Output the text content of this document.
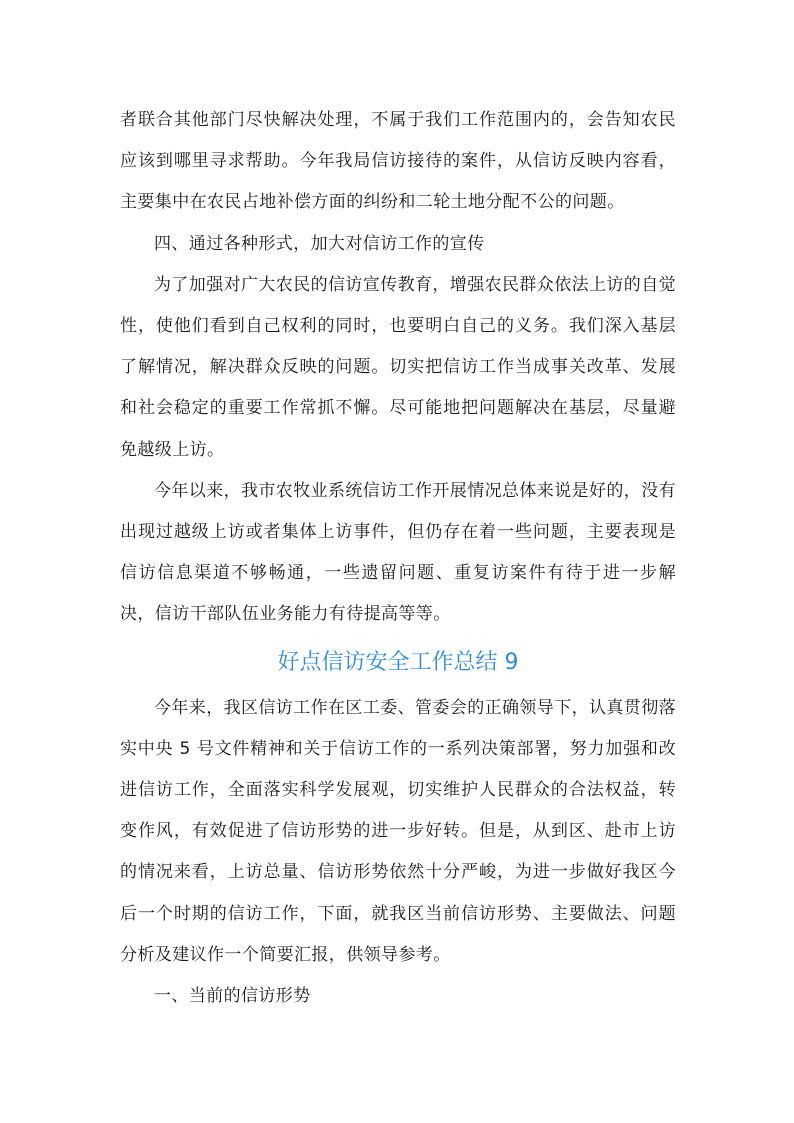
者联合其他部门尽快解决处理，不属于我们工作范围内的，会告知农民应该到哪里寻求帮助。今年我局信访接待的案件，从信访反映内容看，主要集中在农民占地补偿方面的纠纷和二轮土地分配不公的问题。

四、通过各种形式，加大对信访工作的宣传

为了加强对广大农民的信访宣传教育，增强农民群众依法上访的自觉性，使他们看到自己权利的同时，也要明白自己的义务。我们深入基层了解情况，解决群众反映的问题。切实把信访工作当成事关改革、发展和社会稳定的重要工作常抓不懈。尽可能地把问题解决在基层，尽量避免越级上访。

今年以来，我市农牧业系统信访工作开展情况总体来说是好的，没有出现过越级上访或者集体上访事件，但仍存在着一些问题，主要表现是信访信息渠道不够畅通，一些遗留问题、重复访案件有待于进一步解决，信访干部队伍业务能力有待提高等等。

好点信访安全工作总结 9

今年来，我区信访工作在区工委、管委会的正确领导下，认真贯彻落实中央 5 号文件精神和关于信访工作的一系列决策部署，努力加强和改进信访工作，全面落实科学发展观，切实维护人民群众的合法权益，转变作风，有效促进了信访形势的进一步好转。但是，从到区、赴市上访的情况来看，上访总量、信访形势依然十分严峻，为进一步做好我区今后一个时期的信访工作，下面，就我区当前信访形势、主要做法、问题分析及建议作一个简要汇报，供领导参考。

一、当前的信访形势
